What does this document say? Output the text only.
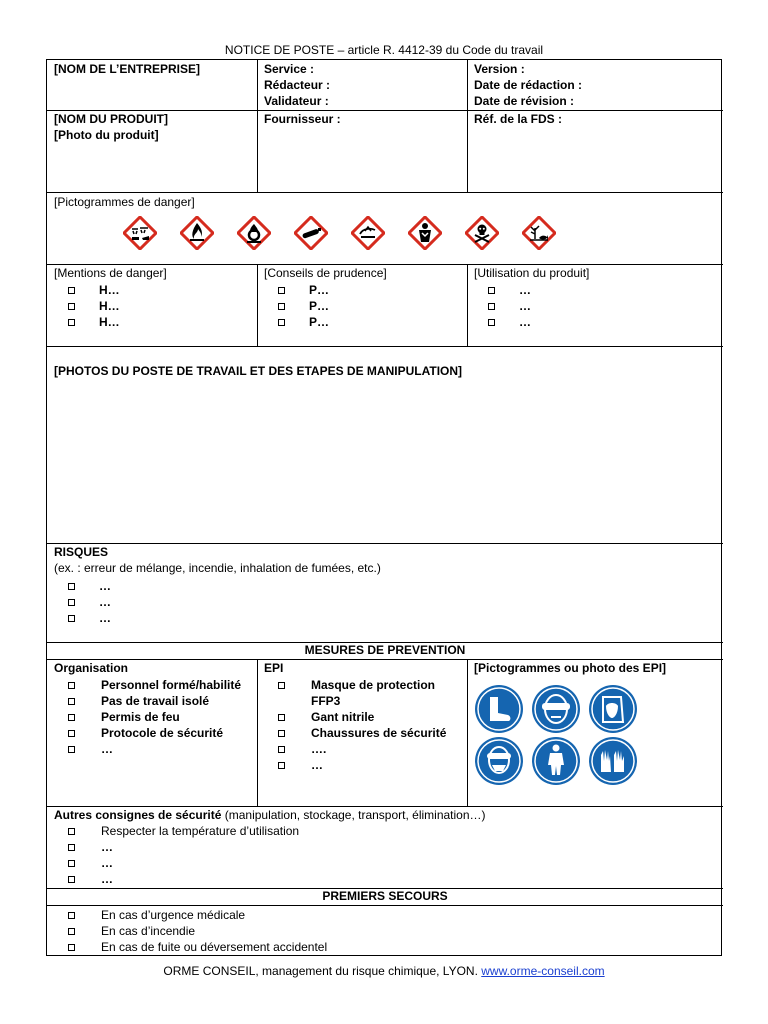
NOTICE DE POSTE – article R. 4412-39 du Code du travail
[NOM DE L’ENTREPRISE]	Service :
Rédacteur :
Validateur :
Version :
Date de rédaction :
Date de révision :
[NOM DU PRODUIT]
[Photo du produit]
Fournisseur :	Réf. de la FDS :
[Pictogrammes de danger]
[Mentions de danger]
H…
H…
H…
[Conseils de prudence]
P…
P…
P…
[Utilisation du produit]
…
…
…
[PHOTOS DU POSTE DE TRAVAIL ET DES ETAPES DE MANIPULATION]
RISQUES
(ex. : erreur de mélange, incendie, inhalation de fumées, etc.)
…
…
…
MESURES DE PREVENTION
Organisation
Personnel formé/habilité
Pas de travail isolé
Permis de feu
Protocole de sécurité
…
EPI
Masque de protection FFP3
Gant nitrile
Chaussures de sécurité
….
…
[Pictogrammes ou photo des EPI]
Autres consignes de sécurité (manipulation, stockage, transport, élimination…)
Respecter la température d’utilisation
…
…
…
PREMIERS SECOURS
En cas d’urgence médicale
En cas d’incendie
En cas de fuite ou déversement accidentel
ORME CONSEIL, management du risque chimique, LYON. www.orme-conseil.com
